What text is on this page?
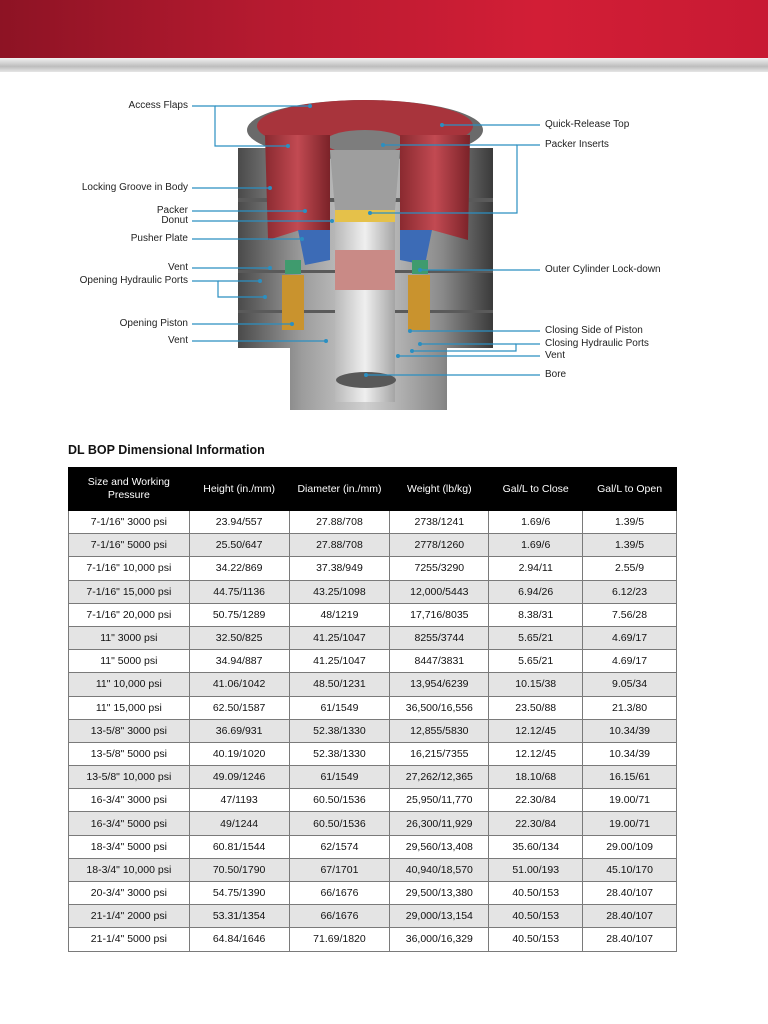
Access Flaps
Locking Groove in Body
Packer
Donut
Pusher Plate
Vent
Opening Hydraulic Ports
Opening Piston
Vent
Quick-Release Top
Packer Inserts
Outer Cylinder Lock-down
Closing Side of Piston
Closing Hydraulic Ports
Vent
Bore
DL BOP Dimensional Information
Size and Working Pressure	Height (in./mm)	Diameter (in./mm)	Weight (lb/kg)	Gal/L to Close	Gal/L to Open
7-1/16" 3000 psi	23.94/557	27.88/708	2738/1241	1.69/6	1.39/5
7-1/16" 5000 psi	25.50/647	27.88/708	2778/1260	1.69/6	1.39/5
7-1/16" 10,000 psi	34.22/869	37.38/949	7255/3290	2.94/11	2.55/9
7-1/16" 15,000 psi	44.75/1136	43.25/1098	12,000/5443	6.94/26	6.12/23
7-1/16" 20,000 psi	50.75/1289	48/1219	17,716/8035	8.38/31	7.56/28
11" 3000 psi	32.50/825	41.25/1047	8255/3744	5.65/21	4.69/17
11" 5000 psi	34.94/887	41.25/1047	8447/3831	5.65/21	4.69/17
11" 10,000 psi	41.06/1042	48.50/1231	13,954/6239	10.15/38	9.05/34
11" 15,000 psi	62.50/1587	61/1549	36,500/16,556	23.50/88	21.3/80
13-5/8" 3000 psi	36.69/931	52.38/1330	12,855/5830	12.12/45	10.34/39
13-5/8" 5000 psi	40.19/1020	52.38/1330	16,215/7355	12.12/45	10.34/39
13-5/8" 10,000 psi	49.09/1246	61/1549	27,262/12,365	18.10/68	16.15/61
16-3/4" 3000 psi	47/1193	60.50/1536	25,950/11,770	22.30/84	19.00/71
16-3/4" 5000 psi	49/1244	60.50/1536	26,300/11,929	22.30/84	19.00/71
18-3/4" 5000 psi	60.81/1544	62/1574	29,560/13,408	35.60/134	29.00/109
18-3/4" 10,000 psi	70.50/1790	67/1701	40,940/18,570	51.00/193	45.10/170
20-3/4" 3000 psi	54.75/1390	66/1676	29,500/13,380	40.50/153	28.40/107
21-1/4" 2000 psi	53.31/1354	66/1676	29,000/13,154	40.50/153	28.40/107
21-1/4" 5000 psi	64.84/1646	71.69/1820	36,000/16,329	40.50/153	28.40/107
